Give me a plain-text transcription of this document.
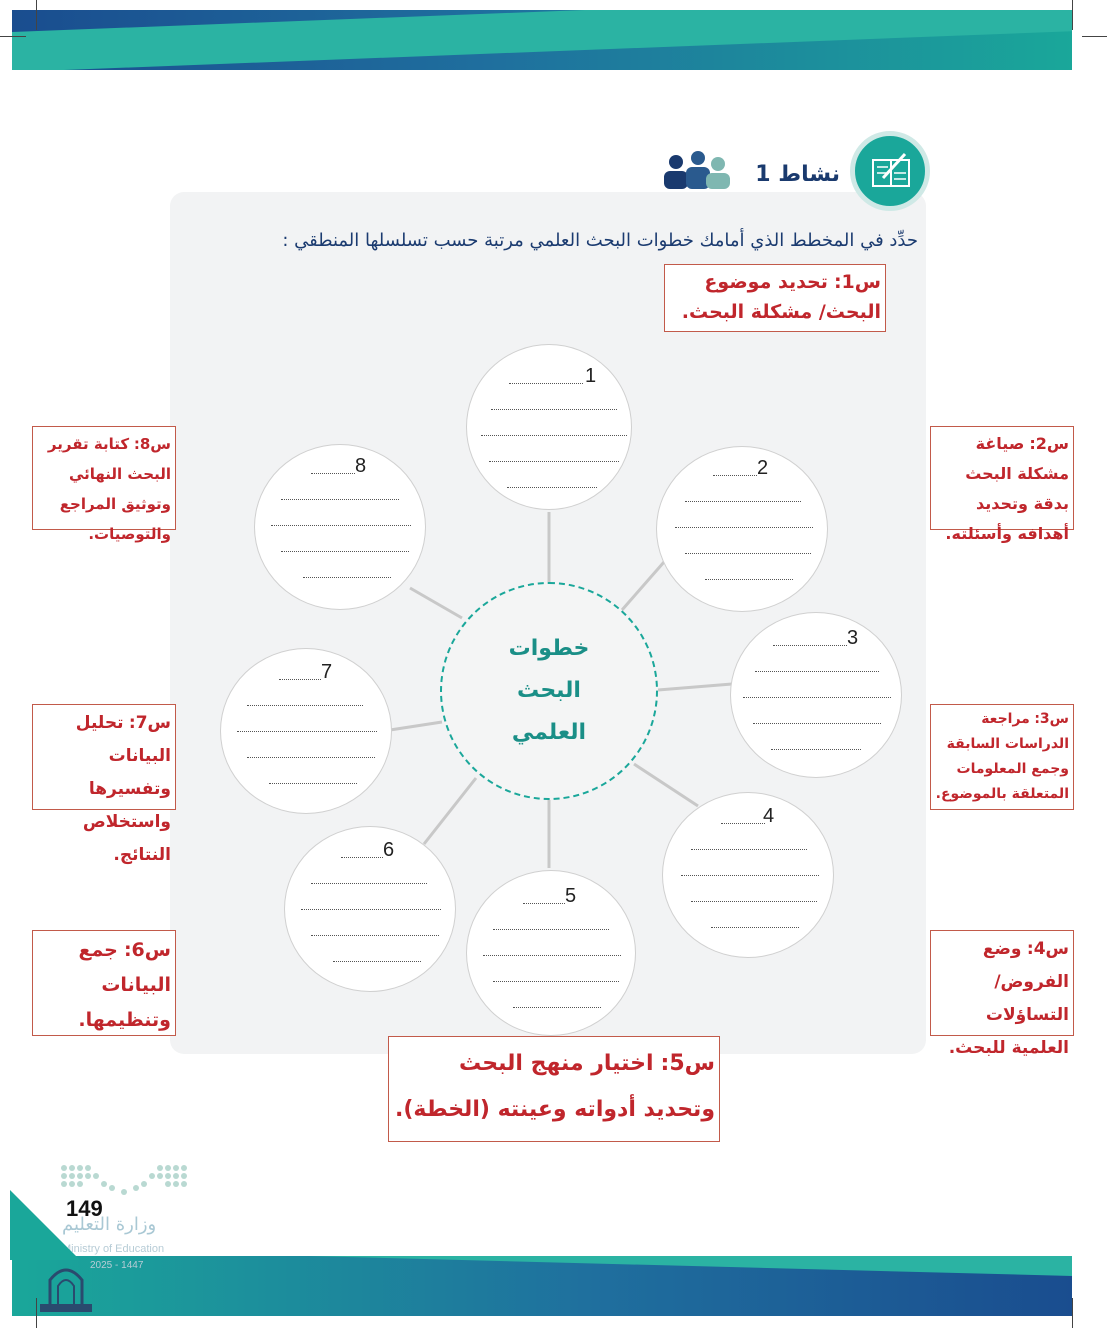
نشاط 1
حدِّد في المخطط الذي أمامك خطوات البحث العلمي مرتبة حسب تسلسلها المنطقي :
1
2
3
4
5
6
7
8
خطوات
البحث
العلمي
س1: تحديد موضوع البحث/ مشكلة البحث.
س2: صياغة مشكلة البحث بدقة وتحديد أهدافه وأسئلته.
س3: مراجعة الدراسات السابقة وجمع المعلومات المتعلقة بالموضوع.
س4: وضع الفروض/التساؤلات العلمية للبحث.
س5: اختيار منهج البحث وتحديد أدواته وعينته (الخطة).
س6: جمع البيانات وتنظيمها.
س7: تحليل البيانات وتفسيرها واستخلاص النتائج.
س8: كتابة تقرير البحث النهائي وتوثيق المراجع والتوصيات.
وزارة التعليم
Ministry of Education
2025 - 1447
149
